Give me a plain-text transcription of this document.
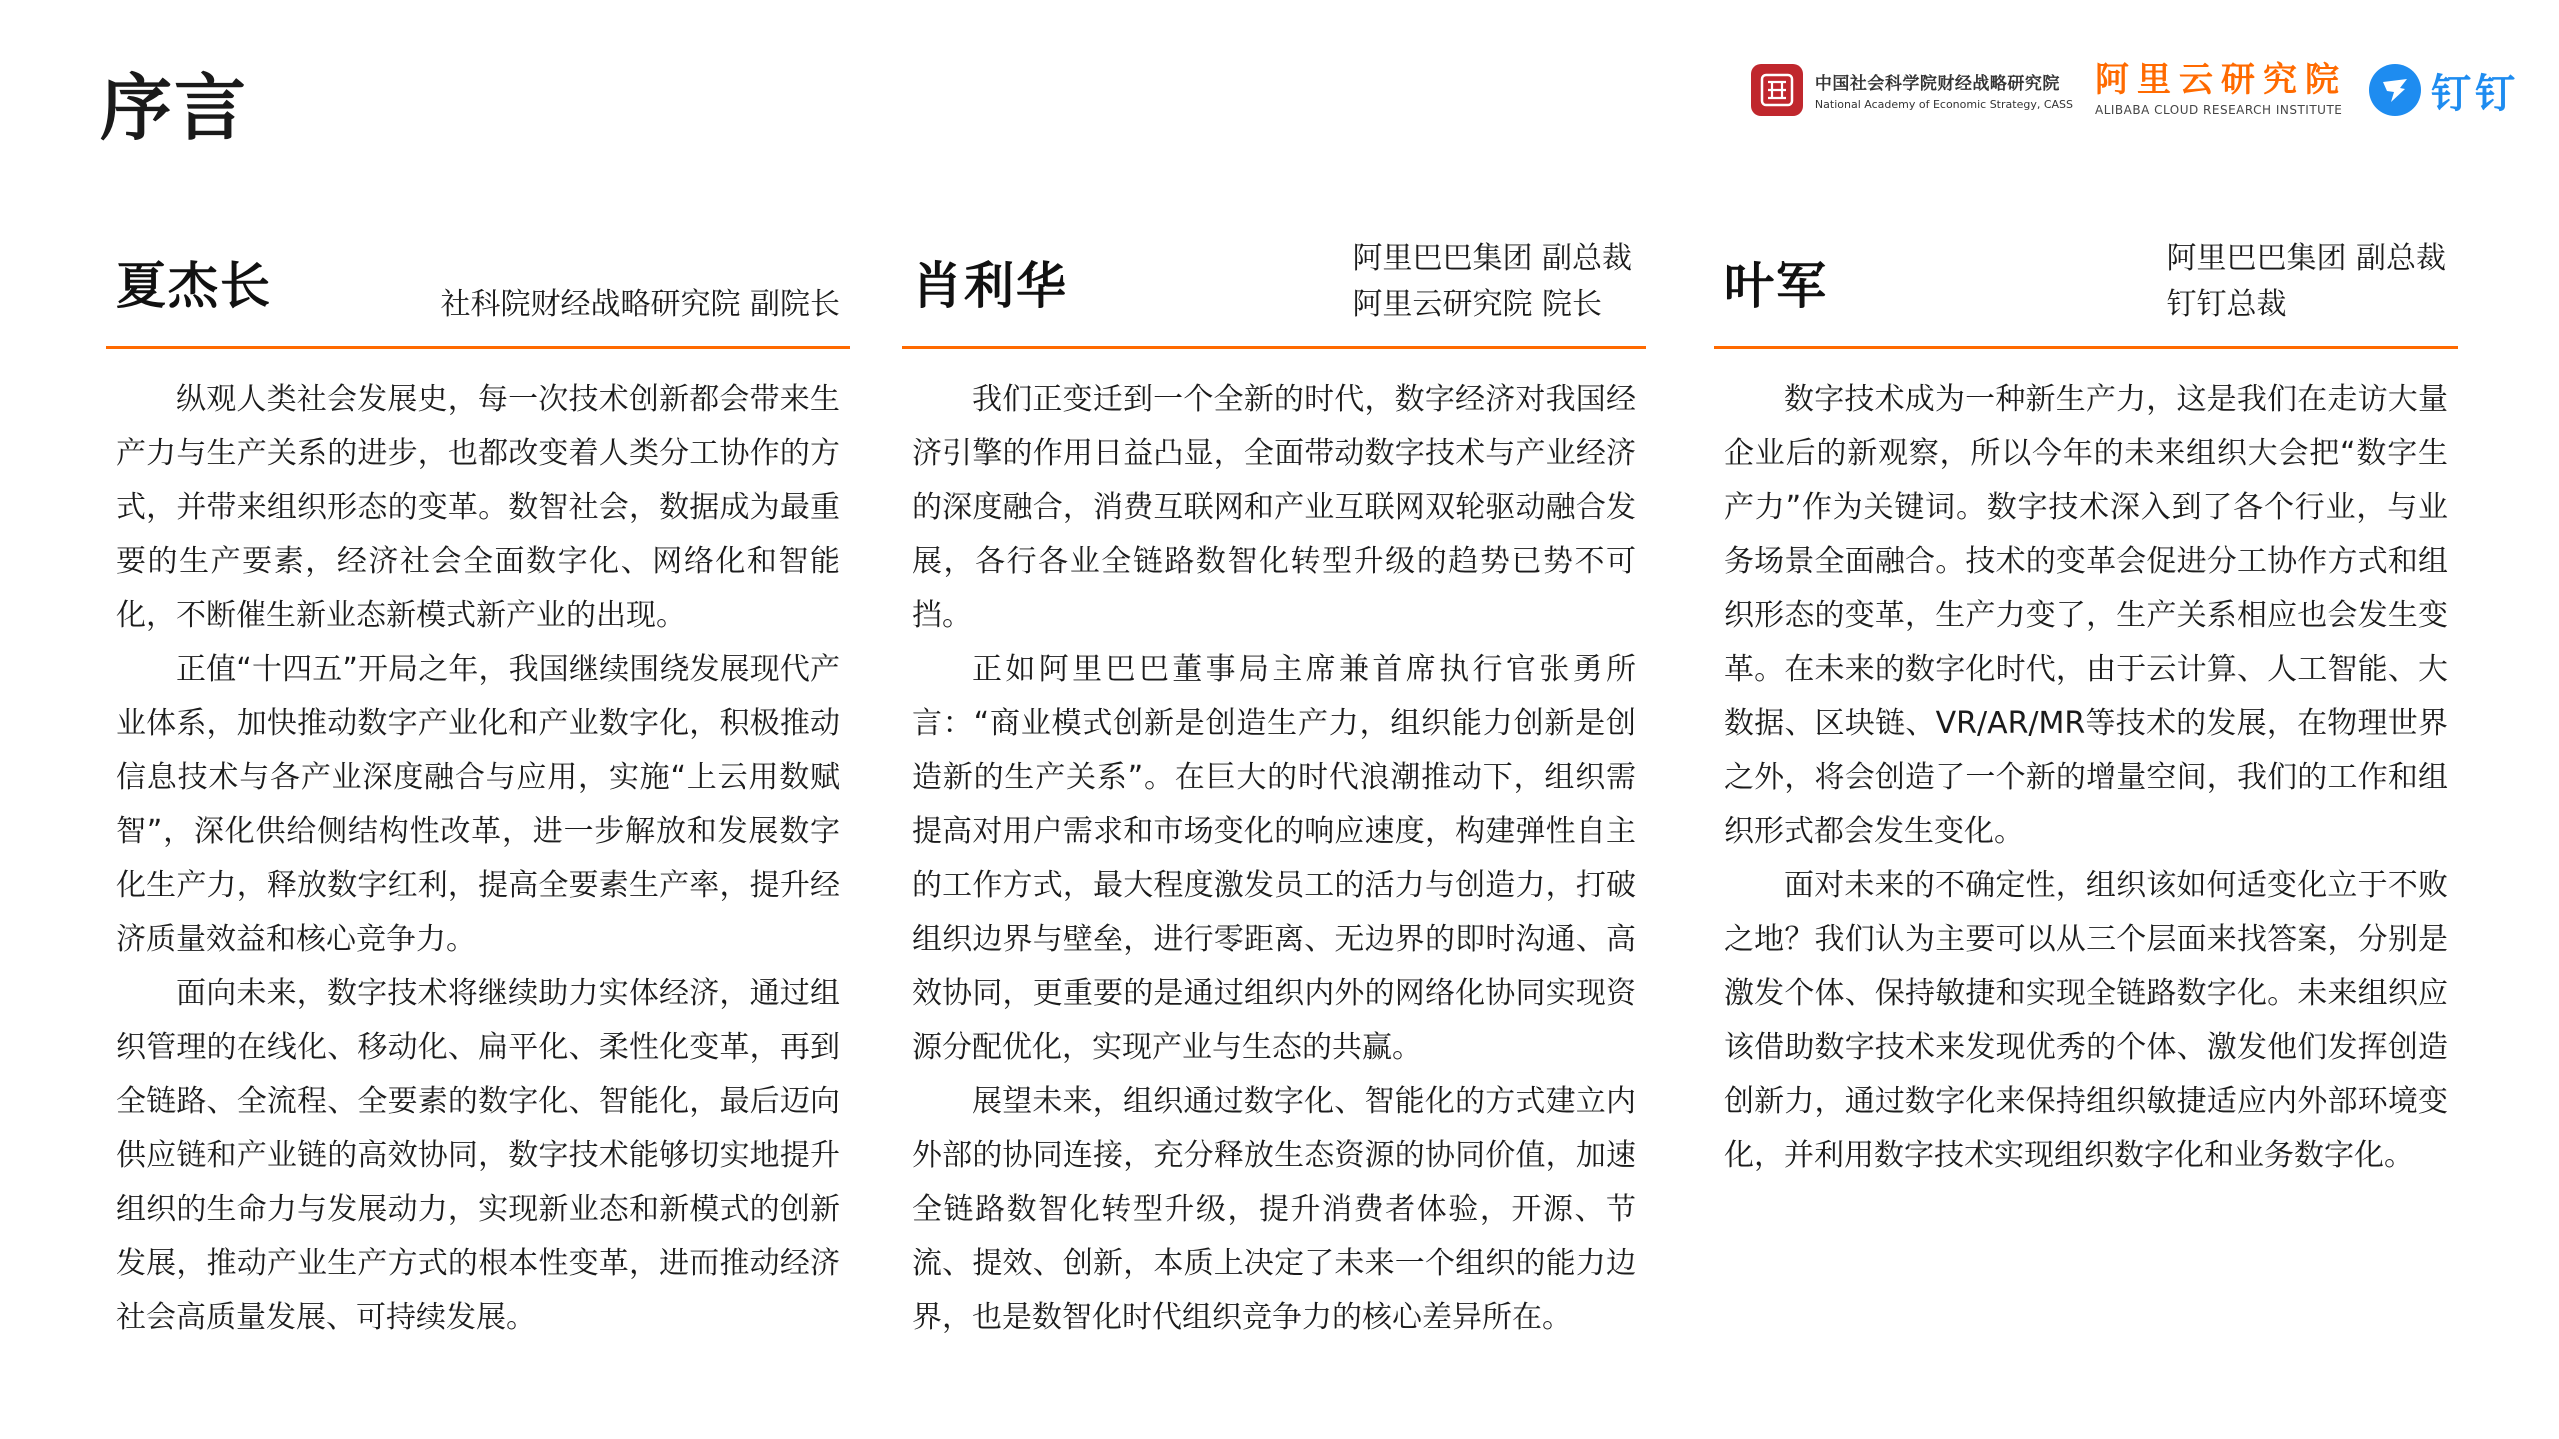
序言	中国社会科学院财经战略研究院
National Academy of Economic Strategy, CASS
阿里云研究院
ALIBABA CLOUD RESEARCH INSTITUTE 钉钉
夏杰长	社科院财经战略研究院 副院长

纵观人类社会发展史，每一次技术创新都会带来生产力与生产关系的进步，也都改变着人类分工协作的方式，并带来组织形态的变革。数智社会，数据成为最重要的生产要素，经济社会全面数字化、网络化和智能化，不断催生新业态新模式新产业的出现。

正值“十四五”开局之年，我国继续围绕发展现代产业体系，加快推动数字产业化和产业数字化，积极推动信息技术与各产业深度融合与应用，实施“上云用数赋智”，深化供给侧结构性改革，进一步解放和发展数字化生产力，释放数字红利，提高全要素生产率，提升经济质量效益和核心竞争力。

面向未来，数字技术将继续助力实体经济，通过组织管理的在线化、移动化、扁平化、柔性化变革，再到全链路、全流程、全要素的数字化、智能化，最后迈向供应链和产业链的高效协同，数字技术能够切实地提升组织的生命力与发展动力，实现新业态和新模式的创新发展，推动产业生产方式的根本性变革，进而推动经济社会高质量发展、可持续发展。

肖利华	阿里巴巴集团 副总裁
阿里云研究院 院长

我们正变迁到一个全新的时代，数字经济对我国经济引擎的作用日益凸显，全面带动数字技术与产业经济的深度融合，消费互联网和产业互联网双轮驱动融合发展，各行各业全链路数智化转型升级的趋势已势不可挡。

正如阿里巴巴董事局主席兼首席执行官张勇所言：“商业模式创新是创造生产力，组织能力创新是创造新的生产关系”。在巨大的时代浪潮推动下，组织需提高对用户需求和市场变化的响应速度，构建弹性自主的工作方式，最大程度激发员工的活力与创造力，打破组织边界与壁垒，进行零距离、无边界的即时沟通、高效协同，更重要的是通过组织内外的网络化协同实现资源分配优化，实现产业与生态的共赢。

展望未来，组织通过数字化、智能化的方式建立内外部的协同连接，充分释放生态资源的协同价值，加速全链路数智化转型升级，提升消费者体验，开源、节流、提效、创新，本质上决定了未来一个组织的能力边界，也是数智化时代组织竞争力的核心差异所在。

叶军	阿里巴巴集团 副总裁
钉钉总裁

数字技术成为一种新生产力，这是我们在走访大量企业后的新观察，所以今年的未来组织大会把“数字生产力”作为关键词。数字技术深入到了各个行业，与业务场景全面融合。技术的变革会促进分工协作方式和组织形态的变革，生产力变了，生产关系相应也会发生变革。在未来的数字化时代，由于云计算、人工智能、大数据、区块链、VR/AR/MR等技术的发展，在物理世界之外，将会创造了一个新的增量空间，我们的工作和组织形式都会发生变化。

面对未来的不确定性，组织该如何适变化立于不败之地？我们认为主要可以从三个层面来找答案，分别是激发个体、保持敏捷和实现全链路数字化。未来组织应该借助数字技术来发现优秀的个体、激发他们发挥创造创新力，通过数字化来保持组织敏捷适应内外部环境变化，并利用数字技术实现组织数字化和业务数字化。
